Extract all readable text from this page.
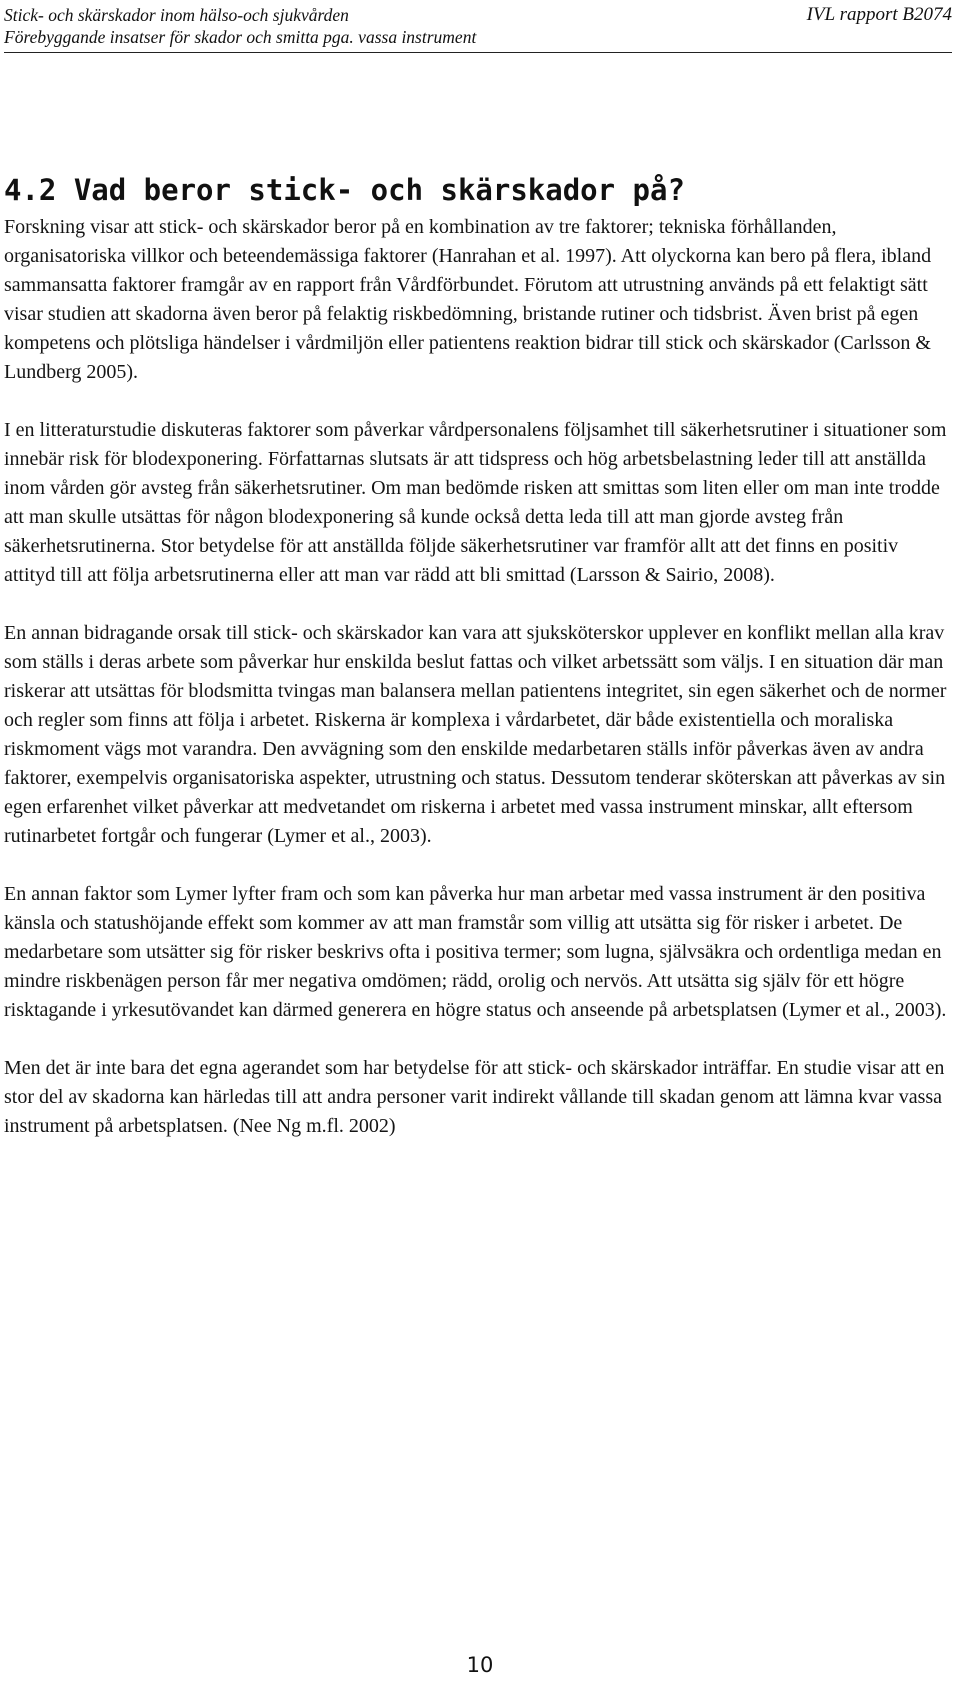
Stick- och skärskador inom hälso-och sjukvården
Förebyggande insatser för skador och smitta pga. vassa instrument
IVL rapport B2074
4.2 Vad beror stick- och skärskador på?

Forskning visar att stick- och skärskador beror på en kombination av tre faktorer; tekniska förhållanden, organisatoriska villkor och beteendemässiga faktorer (Hanrahan et al. 1997). Att olyckorna kan bero på flera, ibland sammansatta faktorer framgår av en rapport från Vårdförbundet. Förutom att utrustning används på ett felaktigt sätt visar studien att skadorna även beror på felaktig riskbedömning, bristande rutiner och tidsbrist. Även brist på egen kompetens och plötsliga händelser i vårdmiljön eller patientens reaktion bidrar till stick och skärskador (Carlsson & Lundberg 2005).

I en litteraturstudie diskuteras faktorer som påverkar vårdpersonalens följsamhet till säkerhetsrutiner i situationer som innebär risk för blodexponering. Författarnas slutsats är att tidspress och hög arbetsbelastning leder till att anställda inom vården gör avsteg från säkerhetsrutiner. Om man bedömde risken att smittas som liten eller om man inte trodde att man skulle utsättas för någon blodexponering så kunde också detta leda till att man gjorde avsteg från säkerhetsrutinerna. Stor betydelse för att anställda följde säkerhetsrutiner var framför allt att det finns en positiv attityd till att följa arbetsrutinerna eller att man var rädd att bli smittad (Larsson & Sairio, 2008).

En annan bidragande orsak till stick- och skärskador kan vara att sjuksköterskor upplever en konflikt mellan alla krav som ställs i deras arbete som påverkar hur enskilda beslut fattas och vilket arbetssätt som väljs. I en situation där man riskerar att utsättas för blodsmitta tvingas man balansera mellan patientens integritet, sin egen säkerhet och de normer och regler som finns att följa i arbetet. Riskerna är komplexa i vårdarbetet, där både existentiella och moraliska riskmoment vägs mot varandra. Den avvägning som den enskilde medarbetaren ställs inför påverkas även av andra faktorer, exempelvis organisatoriska aspekter, utrustning och status. Dessutom tenderar sköterskan att påverkas av sin egen erfarenhet vilket påverkar att medvetandet om riskerna i arbetet med vassa instrument minskar, allt eftersom rutinarbetet fortgår och fungerar (Lymer et al., 2003).

En annan faktor som Lymer lyfter fram och som kan påverka hur man arbetar med vassa instrument är den positiva känsla och statushöjande effekt som kommer av att man framstår som villig att utsätta sig för risker i arbetet. De medarbetare som utsätter sig för risker beskrivs ofta i positiva termer; som lugna, självsäkra och ordentliga medan en mindre riskbenägen person får mer negativa omdömen; rädd, orolig och nervös. Att utsätta sig själv för ett högre risktagande i yrkesutövandet kan därmed generera en högre status och anseende på arbetsplatsen (Lymer et al., 2003).

Men det är inte bara det egna agerandet som har betydelse för att stick- och skärskador inträffar. En studie visar att en stor del av skadorna kan härledas till att andra personer varit indirekt vållande till skadan genom att lämna kvar vassa instrument på arbetsplatsen. (Nee Ng m.fl. 2002)

10
